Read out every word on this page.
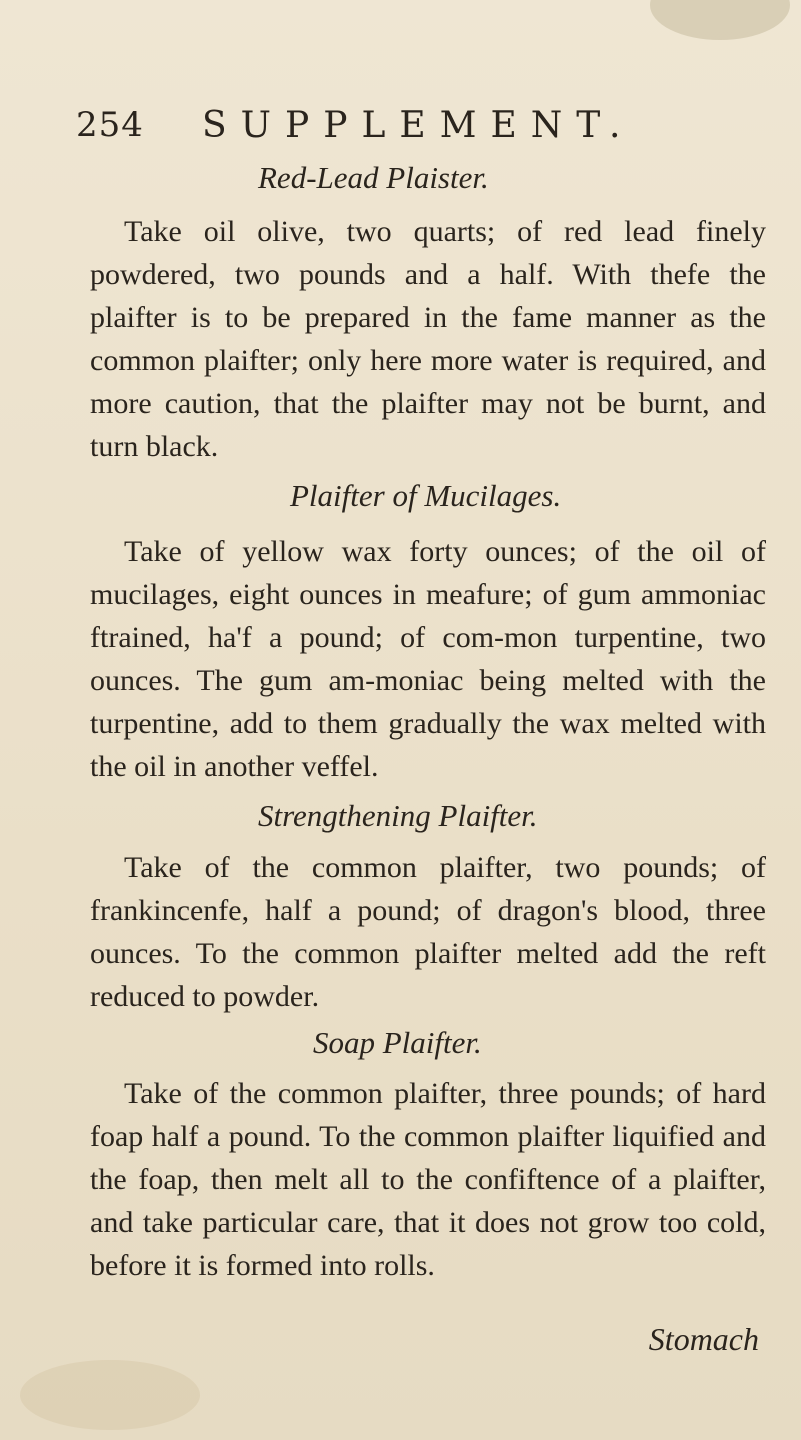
254 SUPPLEMENT.
Red-Lead Plaister.
Take oil olive, two quarts; of red lead finely powdered, two pounds and a half. With thefe the plaifter is to be prepared in the fame manner as the common plaifter; only here more water is required, and more caution, that the plaifter may not be burnt, and turn black.
Plaifter of Mucilages.
Take of yellow wax forty ounces; of the oil of mucilages, eight ounces in meafure; of gum ammoniac ftrained, ha'f a pound; of com-mon turpentine, two ounces. The gum am-moniac being melted with the turpentine, add to them gradually the wax melted with the oil in another veffel.
Strengthening Plaifter.
Take of the common plaifter, two pounds; of frankincenfe, half a pound; of dragon's blood, three ounces. To the common plaifter melted add the reft reduced to powder.
Soap Plaifter.
Take of the common plaifter, three pounds; of hard foap half a pound. To the common plaifter liquified and the foap, then melt all to the confiftence of a plaifter, and take particular care, that it does not grow too cold, before it is formed into rolls.
Stomach
